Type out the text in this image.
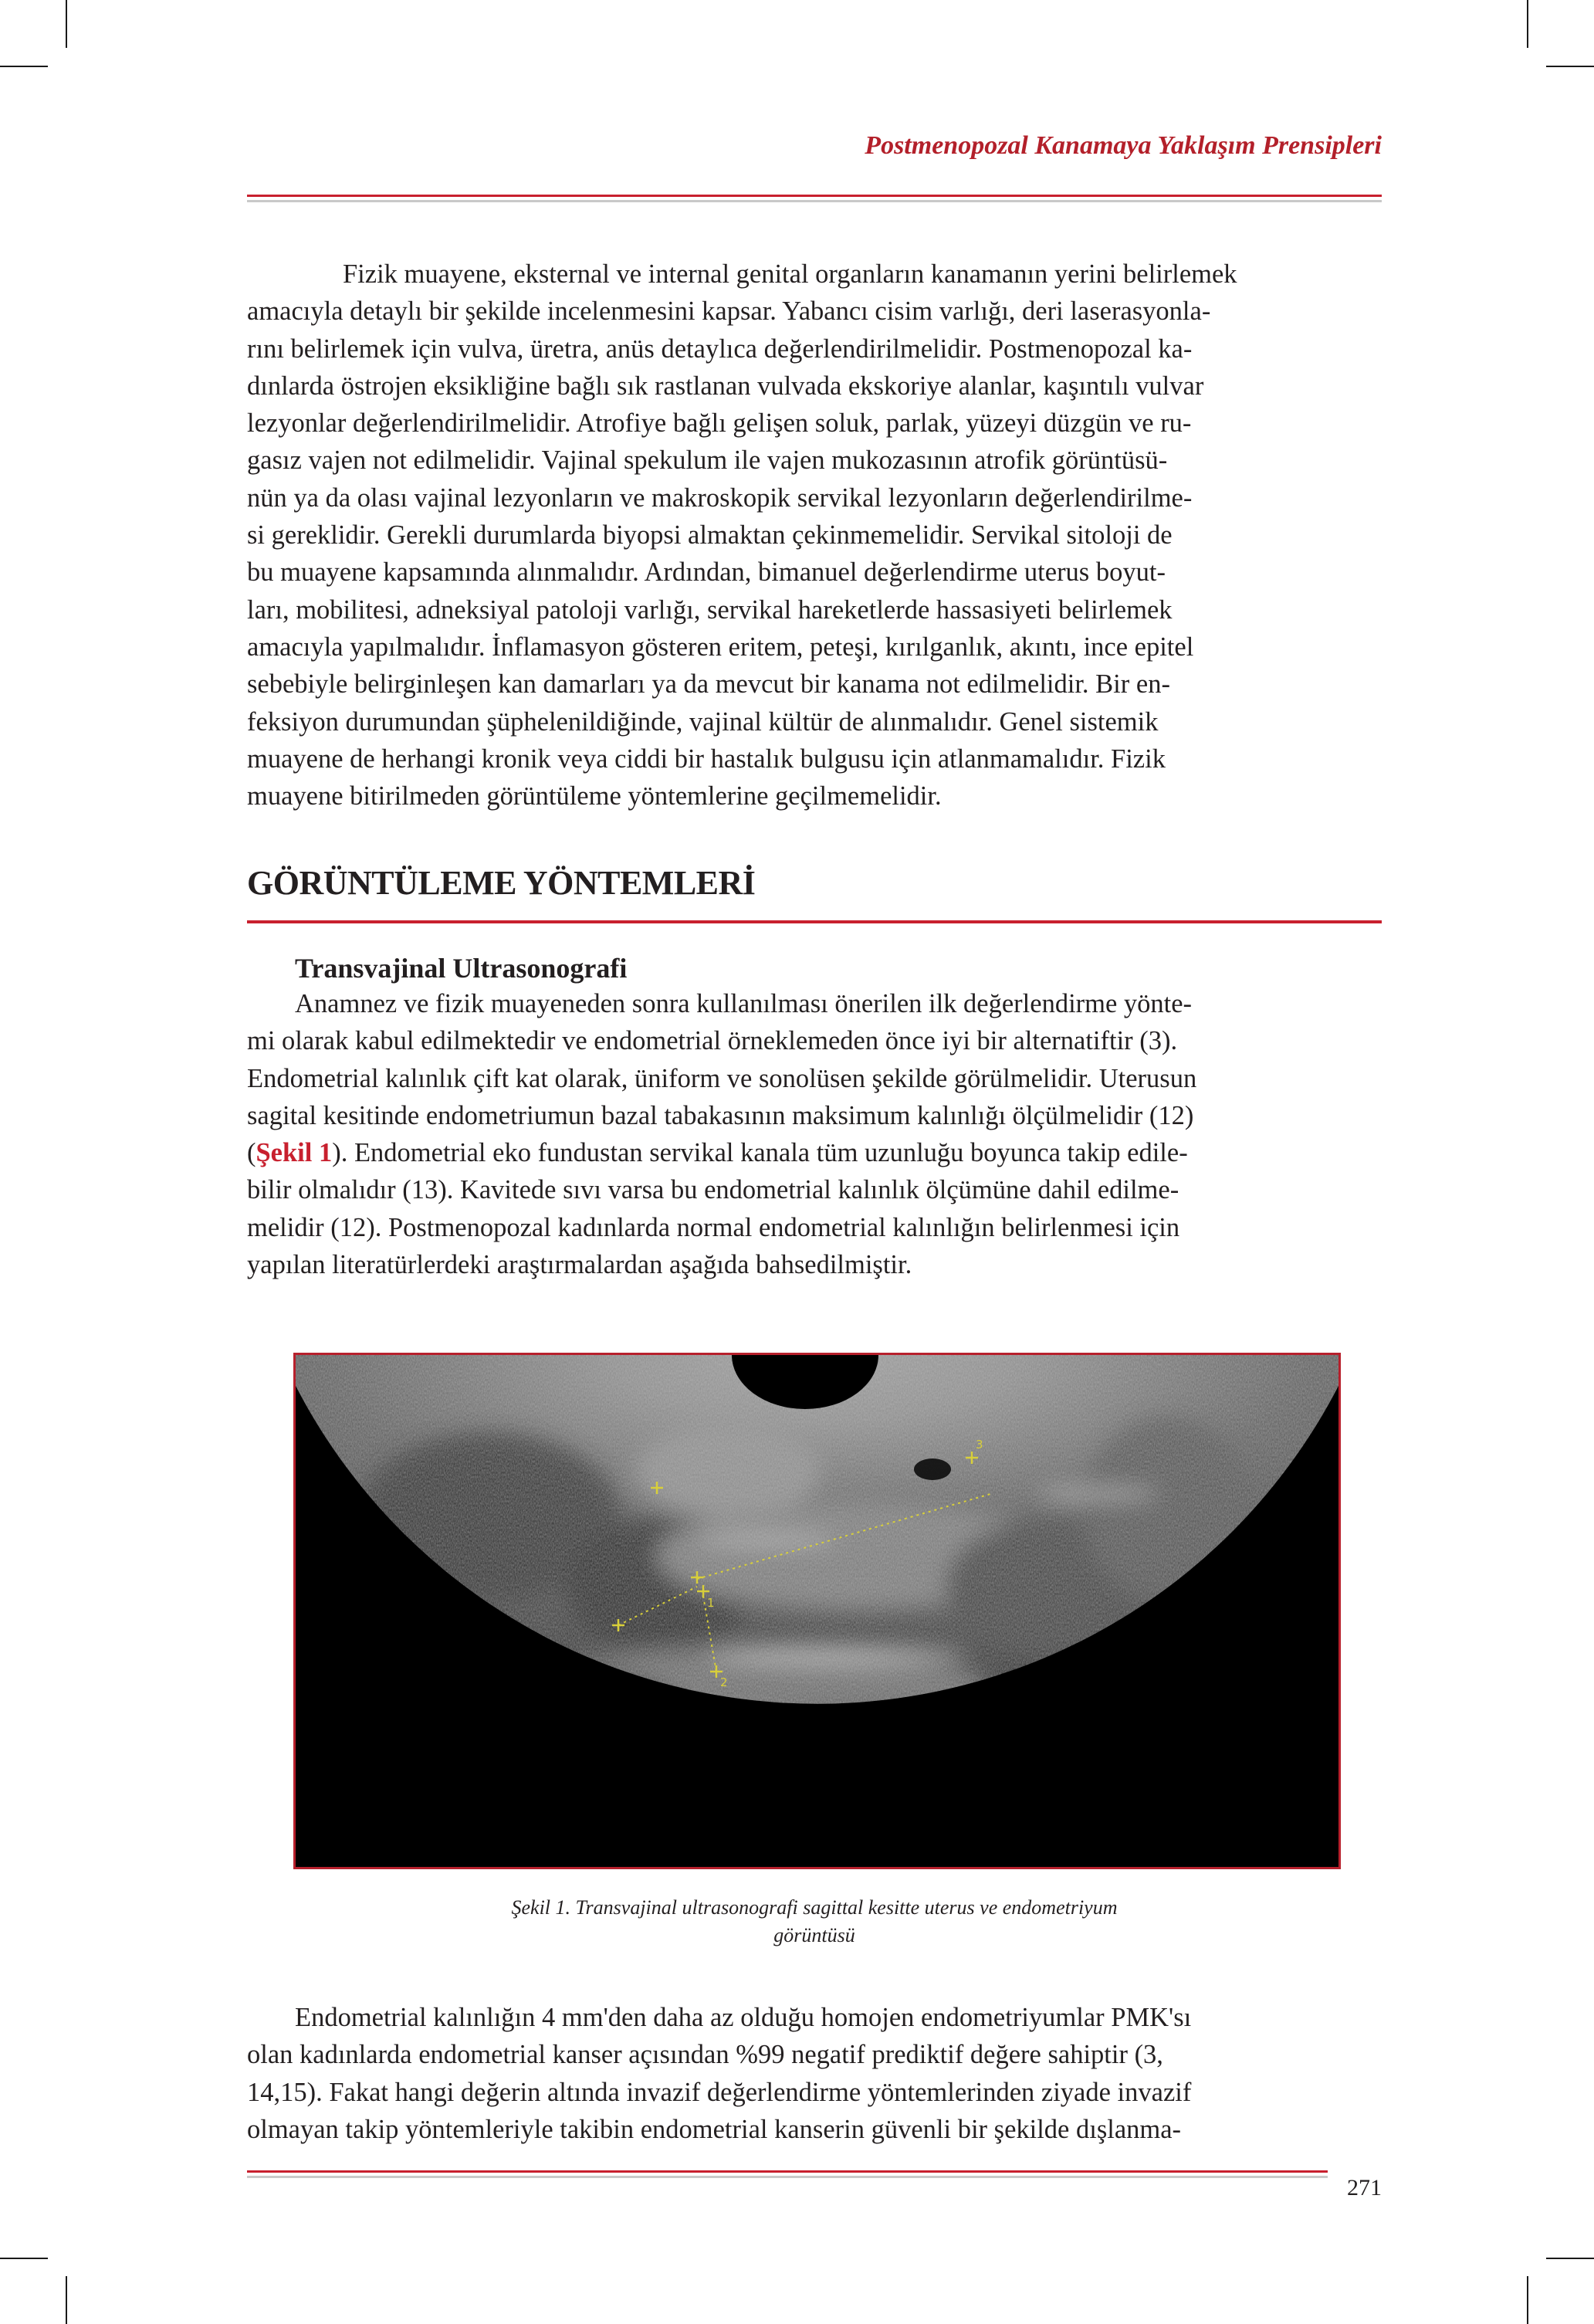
Postmenopozal Kanamaya Yaklaşım Prensipleri

Fizik muayene, eksternal ve internal genital organların kanamanın yerini belirlemek
amacıyla detaylı bir şekilde incelenmesini kapsar. Yabancı cisim varlığı, deri laserasyonla-
rını belirlemek için vulva, üretra, anüs detaylıca değerlendirilmelidir. Postmenopozal ka-
dınlarda östrojen eksikliğine bağlı sık rastlanan vulvada ekskoriye alanlar, kaşıntılı vulvar
lezyonlar değerlendirilmelidir. Atrofiye bağlı gelişen soluk, parlak, yüzeyi düzgün ve ru-
gasız vajen not edilmelidir. Vajinal spekulum ile vajen mukozasının atrofik görüntüsü-
nün ya da olası vajinal lezyonların ve makroskopik servikal lezyonların değerlendirilme-
si gereklidir. Gerekli durumlarda biyopsi almaktan çekinmemelidir. Servikal sitoloji de
bu muayene kapsamında alınmalıdır. Ardından, bimanuel değerlendirme uterus boyut-
ları, mobilitesi, adneksiyal patoloji varlığı, servikal hareketlerde hassasiyeti belirlemek
amacıyla yapılmalıdır. İnflamasyon gösteren eritem, peteşi, kırılganlık, akıntı, ince epitel
sebebiyle belirginleşen kan damarları ya da mevcut bir kanama not edilmelidir. Bir en-
feksiyon durumundan şüphelenildiğinde, vajinal kültür de alınmalıdır. Genel sistemik
muayene de herhangi kronik veya ciddi bir hastalık bulgusu için atlanmamalıdır. Fizik
muayene bitirilmeden görüntüleme yöntemlerine geçilmemelidir.

GÖRÜNTÜLEME YÖNTEMLERİ
Transvajinal Ultrasonografi

Anamnez ve fizik muayeneden sonra kullanılması önerilen ilk değerlendirme yönte-
mi olarak kabul edilmektedir ve endometrial örneklemeden önce iyi bir alternatiftir (3).
Endometrial kalınlık çift kat olarak, üniform ve sonolüsen şekilde görülmelidir. Uterusun
sagital kesitinde endometriumun bazal tabakasının maksimum kalınlığı ölçülmelidir (12)
(Şekil 1). Endometrial eko fundustan servikal kanala tüm uzunluğu boyunca takip edile-
bilir olmalıdır (13). Kavitede sıvı varsa bu endometrial kalınlık ölçümüne dahil edilme-
melidir (12). Postmenopozal kadınlarda normal endometrial kalınlığın belirlenmesi için
yapılan literatürlerdeki araştırmalardan aşağıda bahsedilmiştir.

1
2
3
Şekil 1. Transvajinal ultrasonografi sagittal kesitte uterus ve endometriyum
görüntüsü

Endometrial kalınlığın 4 mm'den daha az olduğu homojen endometriyumlar PMK'sı
olan kadınlarda endometrial kanser açısından %99 negatif prediktif değere sahiptir (3,
14,15). Fakat hangi değerin altında invazif değerlendirme yöntemlerinden ziyade invazif
olmayan takip yöntemleriyle takibin endometrial kanserin güvenli bir şekilde dışlanma-

271
